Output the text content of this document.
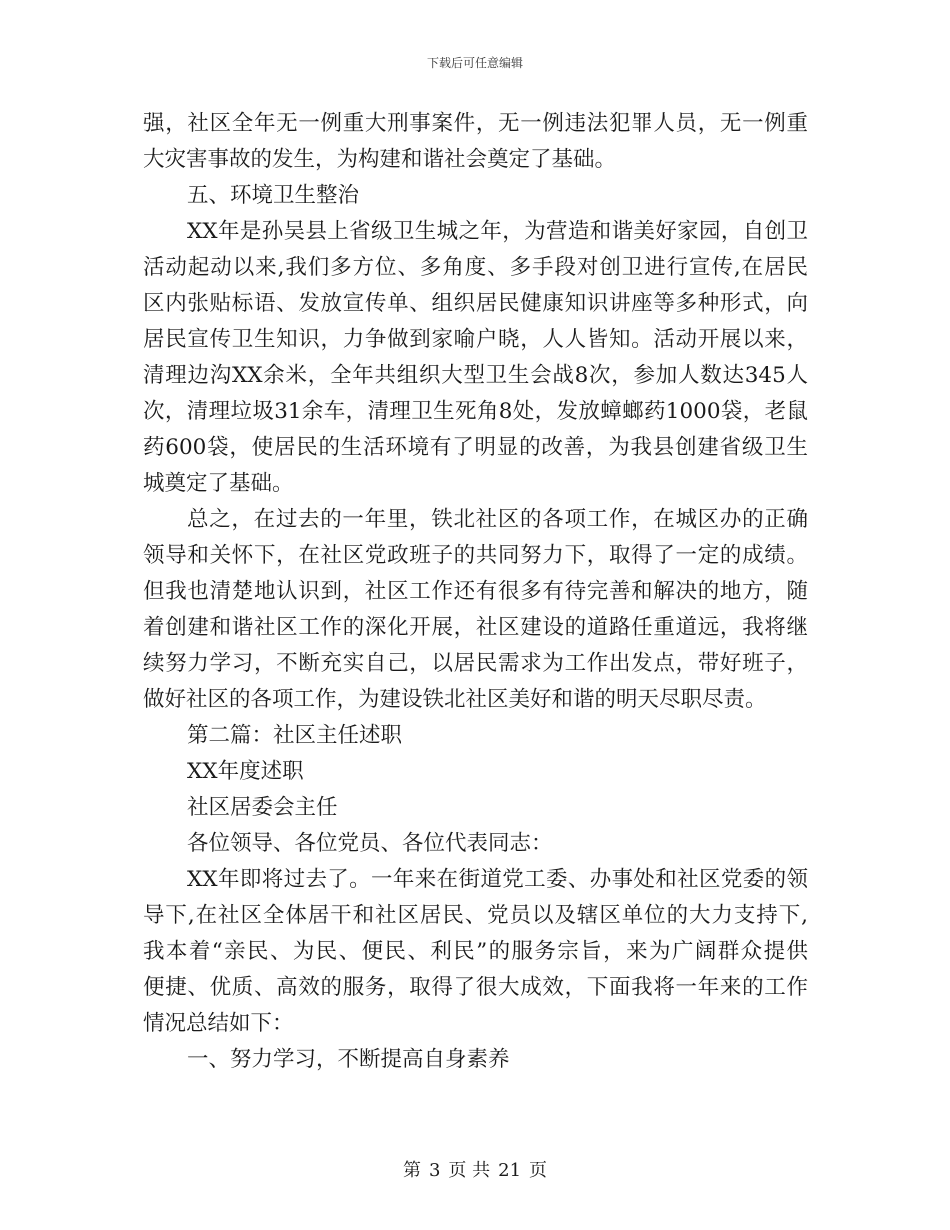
下载后可任意编辑
强，社区全年无一例重大刑事案件，无一例违法犯罪人员，无一例重
大灾害事故的发生，为构建和谐社会奠定了基础。
五、环境卫生整治
XX年是孙吴县上省级卫生城之年，为营造和谐美好家园，自创卫
活动起动以来,我们多方位、多角度、多手段对创卫进行宣传,在居民
区内张贴标语、发放宣传单、组织居民健康知识讲座等多种形式，向
居民宣传卫生知识，力争做到家喻户晓，人人皆知。活动开展以来，
清理边沟XX余米，全年共组织大型卫生会战8次，参加人数达345人
次，清理垃圾31余车，清理卫生死角8处，发放蟑螂药1000袋，老鼠
药600袋，使居民的生活环境有了明显的改善，为我县创建省级卫生
城奠定了基础。
总之，在过去的一年里，铁北社区的各项工作，在城区办的正确
领导和关怀下，在社区党政班子的共同努力下，取得了一定的成绩。
但我也清楚地认识到，社区工作还有很多有待完善和解决的地方，随
着创建和谐社区工作的深化开展，社区建设的道路任重道远，我将继
续努力学习，不断充实自己，以居民需求为工作出发点，带好班子，
做好社区的各项工作，为建设铁北社区美好和谐的明天尽职尽责。
第二篇：社区主任述职
XX年度述职
社区居委会主任
各位领导、各位党员、各位代表同志：
XX年即将过去了。一年来在街道党工委、办事处和社区党委的领
导下,在社区全体居干和社区居民、党员以及辖区单位的大力支持下,
我本着“亲民、为民、便民、利民”的服务宗旨，来为广阔群众提供
便捷、优质、高效的服务，取得了很大成效，下面我将一年来的工作
情况总结如下：
一、努力学习，不断提高自身素养
第 3 页 共 21 页
